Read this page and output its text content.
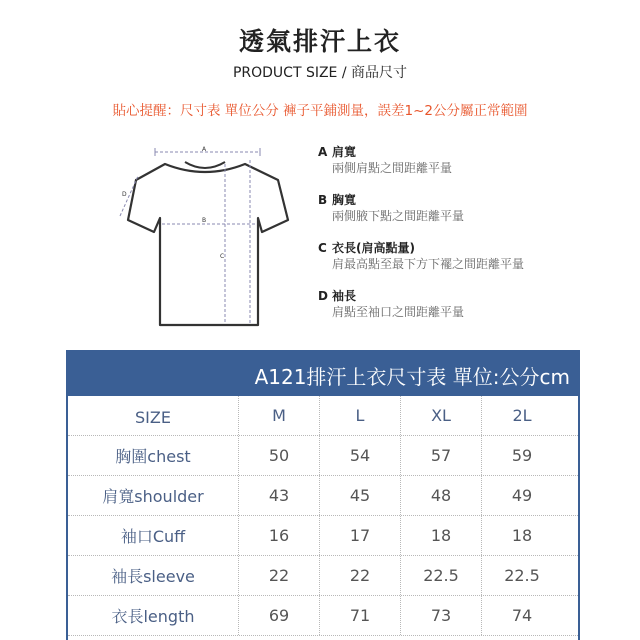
透氣排汗上衣
PRODUCT SIZE / 商品尺寸
貼心提醒：尺寸表 單位公分 褲子平鋪測量，誤差1~2公分屬正常範圍
A
B
C
D
A 肩寬
兩側肩點之間距離平量
B 胸寬
兩側腋下點之間距離平量
C 衣長(肩高點量)
肩最高點至最下方下襬之間距離平量
D 袖長
肩點至袖口之間距離平量
A121排汗上衣尺寸表 單位:公分cm
SIZE	M	L	XL	2L
胸圍chest	50	54	57	59
肩寬shoulder	43	45	48	49
袖口Cuff	16	17	18	18
袖長sleeve	22	22	22.5	22.5
衣長length	69	71	73	74
